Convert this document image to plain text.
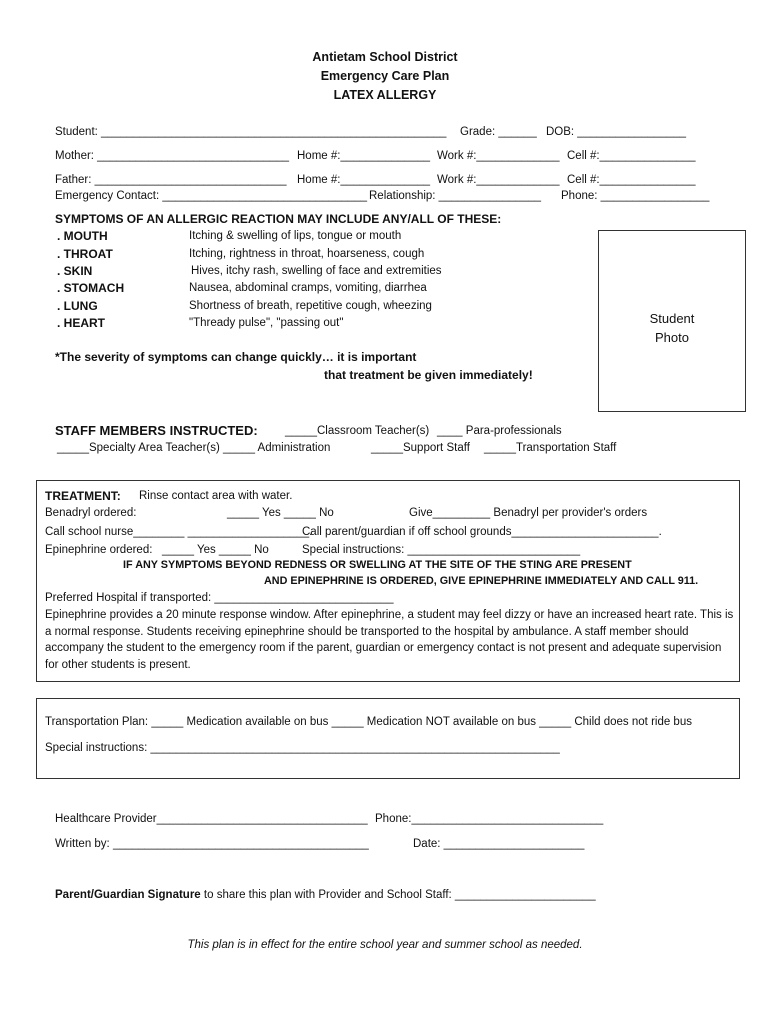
Antietam School District
Emergency Care Plan
LATEX ALLERGY
Student: ______________________________________________________ Grade: ______ DOB: _________________
Mother: ______________________________ Home #:______________ Work #:_____________ Cell #:_______________
Father: ______________________________ Home #:______________ Work #:_____________ Cell #:_______________
Emergency Contact: ________________________________ Relationship: ________________ Phone: _________________
SYMPTOMS OF AN ALLERGIC REACTION MAY INCLUDE ANY/ALL OF THESE:
. MOUTH	Itching & swelling of lips, tongue or mouth
. THROAT	Itching, rightness in throat, hoarseness, cough
. SKIN	Hives, itchy rash, swelling of face and extremities
. STOMACH	Nausea, abdominal cramps, vomiting, diarrhea
. LUNG	Shortness of breath, repetitive cough, wheezing
. HEART	"Thready pulse", "passing out"
*The severity of symptoms can change quickly… it is important
that treatment be given immediately!
Student
Photo
STAFF MEMBERS INSTRUCTED: _____Classroom Teacher(s) ____ Para-professionals
_____Specialty Area Teacher(s) _____ Administration	_____Support Staff _____Transportation Staff
TREATMENT: Rinse contact area with water.
Benadryl ordered:	_____ Yes _____ No	Give_________ Benadryl per provider's orders
Call school nurse________ ___________________.
Call parent/guardian if off school grounds_______________________.
Epinephrine ordered: _____ Yes _____ No	Special instructions: ___________________________
IF ANY SYMPTOMS BEYOND REDNESS OR SWELLING AT THE SITE OF THE STING ARE PRESENT
AND EPINEPHRINE IS ORDERED, GIVE EPINEPHRINE IMMEDIATELY AND CALL 911.
Preferred Hospital if transported: ____________________________
Epinephrine provides a 20 minute response window. After epinephrine, a student may feel dizzy or have an increased heart rate. This is a normal response. Students receiving epinephrine should be transported to the hospital by ambulance. A staff member should accompany the student to the emergency room if the parent, guardian or emergency contact is not present and adequate supervision for other students is present.
Transportation Plan: _____ Medication available on bus _____ Medication NOT available on bus _____ Child does not ride bus
Special instructions: ________________________________________________________________
Healthcare Provider_________________________________ Phone:______________________________
Written by: ________________________________________	Date: ______________________
Parent/Guardian Signature to share this plan with Provider and School Staff: ______________________
This plan is in effect for the entire school year and summer school as needed.
